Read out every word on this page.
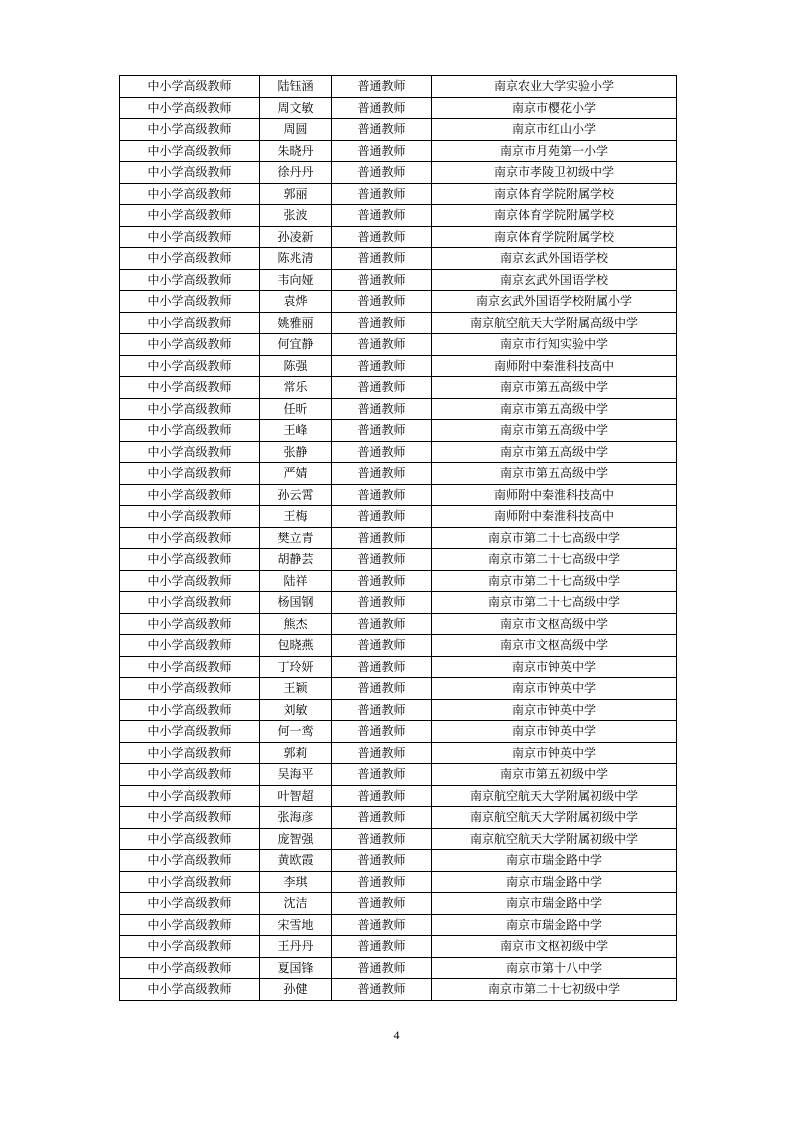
中小学高级教师	陆钰涵	普通教师	南京农业大学实验小学
中小学高级教师	周文敏	普通教师	南京市樱花小学
中小学高级教师	周圆	普通教师	南京市红山小学
中小学高级教师	朱晓丹	普通教师	南京市月苑第一小学
中小学高级教师	徐丹丹	普通教师	南京市孝陵卫初级中学
中小学高级教师	郭丽	普通教师	南京体育学院附属学校
中小学高级教师	张波	普通教师	南京体育学院附属学校
中小学高级教师	孙凌新	普通教师	南京体育学院附属学校
中小学高级教师	陈兆清	普通教师	南京玄武外国语学校
中小学高级教师	韦向娅	普通教师	南京玄武外国语学校
中小学高级教师	袁烨	普通教师	南京玄武外国语学校附属小学
中小学高级教师	姚雅丽	普通教师	南京航空航天大学附属高级中学
中小学高级教师	何宜静	普通教师	南京市行知实验中学
中小学高级教师	陈强	普通教师	南师附中秦淮科技高中
中小学高级教师	常乐	普通教师	南京市第五高级中学
中小学高级教师	任昕	普通教师	南京市第五高级中学
中小学高级教师	王峰	普通教师	南京市第五高级中学
中小学高级教师	张静	普通教师	南京市第五高级中学
中小学高级教师	严婧	普通教师	南京市第五高级中学
中小学高级教师	孙云霄	普通教师	南师附中秦淮科技高中
中小学高级教师	王梅	普通教师	南师附中秦淮科技高中
中小学高级教师	樊立青	普通教师	南京市第二十七高级中学
中小学高级教师	胡静芸	普通教师	南京市第二十七高级中学
中小学高级教师	陆祥	普通教师	南京市第二十七高级中学
中小学高级教师	杨国钢	普通教师	南京市第二十七高级中学
中小学高级教师	熊杰	普通教师	南京市文枢高级中学
中小学高级教师	包晓燕	普通教师	南京市文枢高级中学
中小学高级教师	丁玲妍	普通教师	南京市钟英中学
中小学高级教师	王颖	普通教师	南京市钟英中学
中小学高级教师	刘敏	普通教师	南京市钟英中学
中小学高级教师	何一鸾	普通教师	南京市钟英中学
中小学高级教师	郭莉	普通教师	南京市钟英中学
中小学高级教师	吴海平	普通教师	南京市第五初级中学
中小学高级教师	叶智超	普通教师	南京航空航天大学附属初级中学
中小学高级教师	张海彦	普通教师	南京航空航天大学附属初级中学
中小学高级教师	庞智强	普通教师	南京航空航天大学附属初级中学
中小学高级教师	黄欧霞	普通教师	南京市瑞金路中学
中小学高级教师	李琪	普通教师	南京市瑞金路中学
中小学高级教师	沈洁	普通教师	南京市瑞金路中学
中小学高级教师	宋雪地	普通教师	南京市瑞金路中学
中小学高级教师	王丹丹	普通教师	南京市文枢初级中学
中小学高级教师	夏国锋	普通教师	南京市第十八中学
中小学高级教师	孙健	普通教师	南京市第二十七初级中学
4
